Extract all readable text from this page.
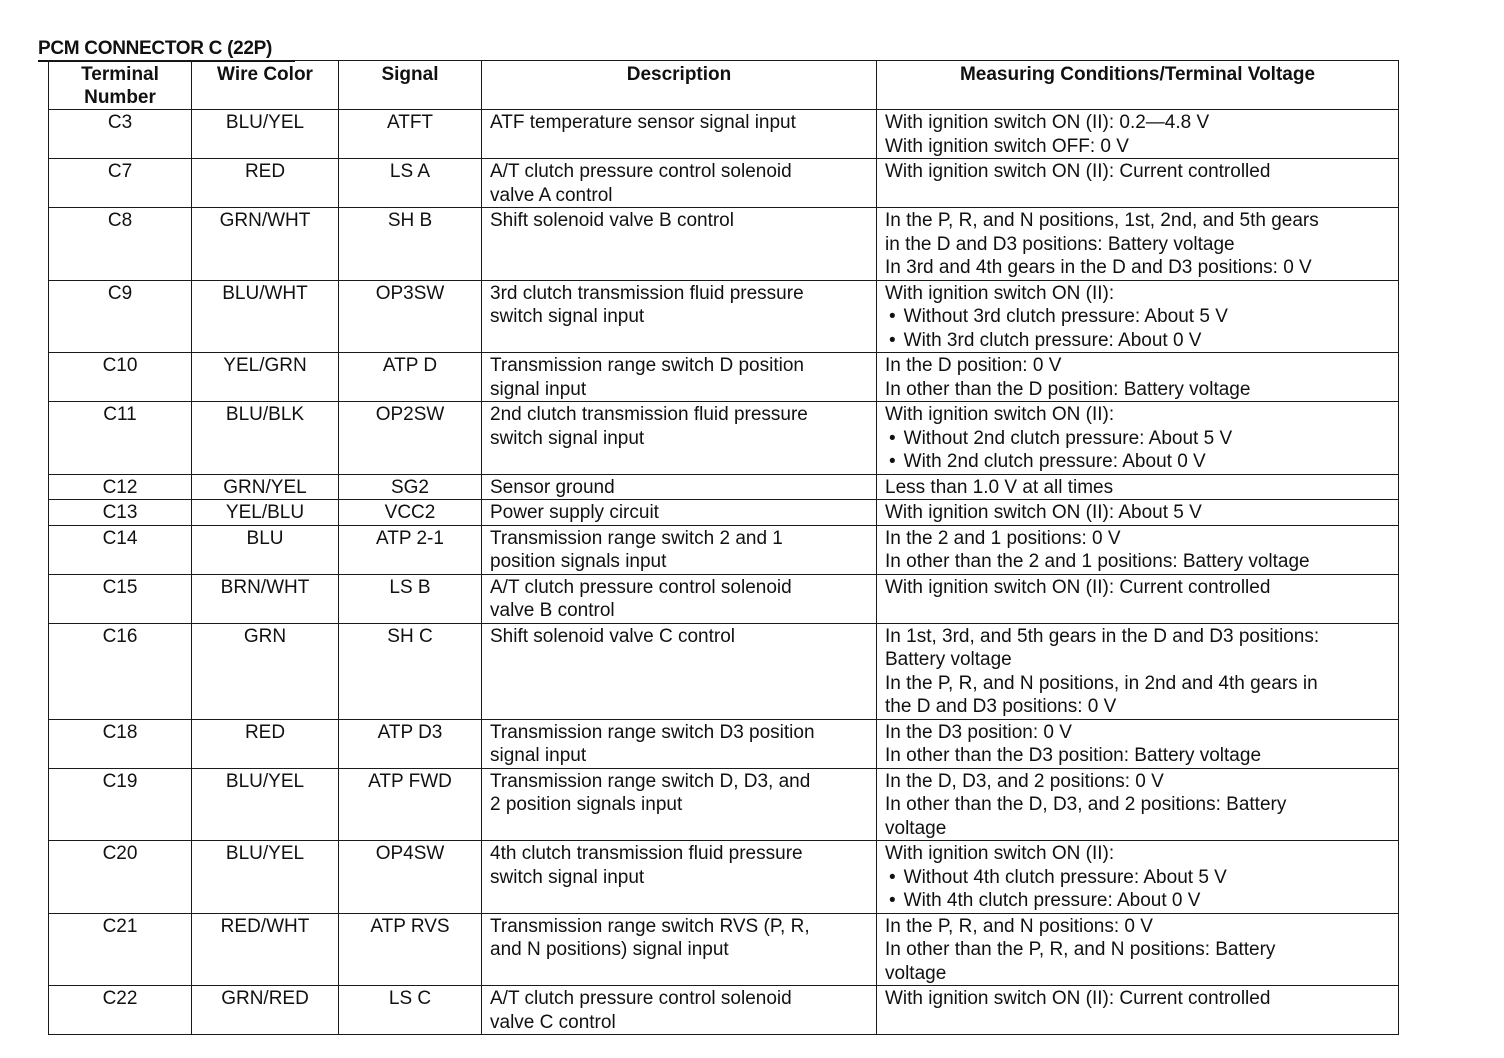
PCM CONNECTOR C (22P)
Terminal Number	Wire Color	Signal	Description	Measuring Conditions/Terminal Voltage
C3	BLU/YEL	ATFT	ATF temperature sensor signal input	With ignition switch ON (II): 0.2—4.8 V
With ignition switch OFF: 0 V

C7	RED	LS A	A/T clutch pressure control solenoid
valve A control	With ignition switch ON (II): Current controlled

C8	GRN/WHT	SH B	Shift solenoid valve B control	In the P, R, and N positions, 1st, 2nd, and 5th gears
in the D and D3 positions: Battery voltage
In 3rd and 4th gears in the D and D3 positions: 0 V

C9	BLU/WHT	OP3SW	3rd clutch transmission fluid pressure
switch signal input	With ignition switch ON (II):
• Without 3rd clutch pressure: About 5 V
• With 3rd clutch pressure: About 0 V

C10	YEL/GRN	ATP D	Transmission range switch D position
signal input	In the D position: 0 V
In other than the D position: Battery voltage

C11	BLU/BLK	OP2SW	2nd clutch transmission fluid pressure
switch signal input	With ignition switch ON (II):
• Without 2nd clutch pressure: About 5 V
• With 2nd clutch pressure: About 0 V

C12	GRN/YEL	SG2	Sensor ground	Less than 1.0 V at all times

C13	YEL/BLU	VCC2	Power supply circuit	With ignition switch ON (II): About 5 V

C14	BLU	ATP 2-1	Transmission range switch 2 and 1
position signals input	In the 2 and 1 positions: 0 V
In other than the 2 and 1 positions: Battery voltage

C15	BRN/WHT	LS B	A/T clutch pressure control solenoid
valve B control	With ignition switch ON (II): Current controlled

C16	GRN	SH C	Shift solenoid valve C control	In 1st, 3rd, and 5th gears in the D and D3 positions:
Battery voltage
In the P, R, and N positions, in 2nd and 4th gears in
the D and D3 positions: 0 V

C18	RED	ATP D3	Transmission range switch D3 position
signal input	In the D3 position: 0 V
In other than the D3 position: Battery voltage

C19	BLU/YEL	ATP FWD	Transmission range switch D, D3, and
2 position signals input	In the D, D3, and 2 positions: 0 V
In other than the D, D3, and 2 positions: Battery
voltage

C20	BLU/YEL	OP4SW	4th clutch transmission fluid pressure
switch signal input	With ignition switch ON (II):
• Without 4th clutch pressure: About 5 V
• With 4th clutch pressure: About 0 V

C21	RED/WHT	ATP RVS	Transmission range switch RVS (P, R,
and N positions) signal input	In the P, R, and N positions: 0 V
In other than the P, R, and N positions: Battery
voltage

C22	GRN/RED	LS C	A/T clutch pressure control solenoid
valve C control	With ignition switch ON (II): Current controlled
